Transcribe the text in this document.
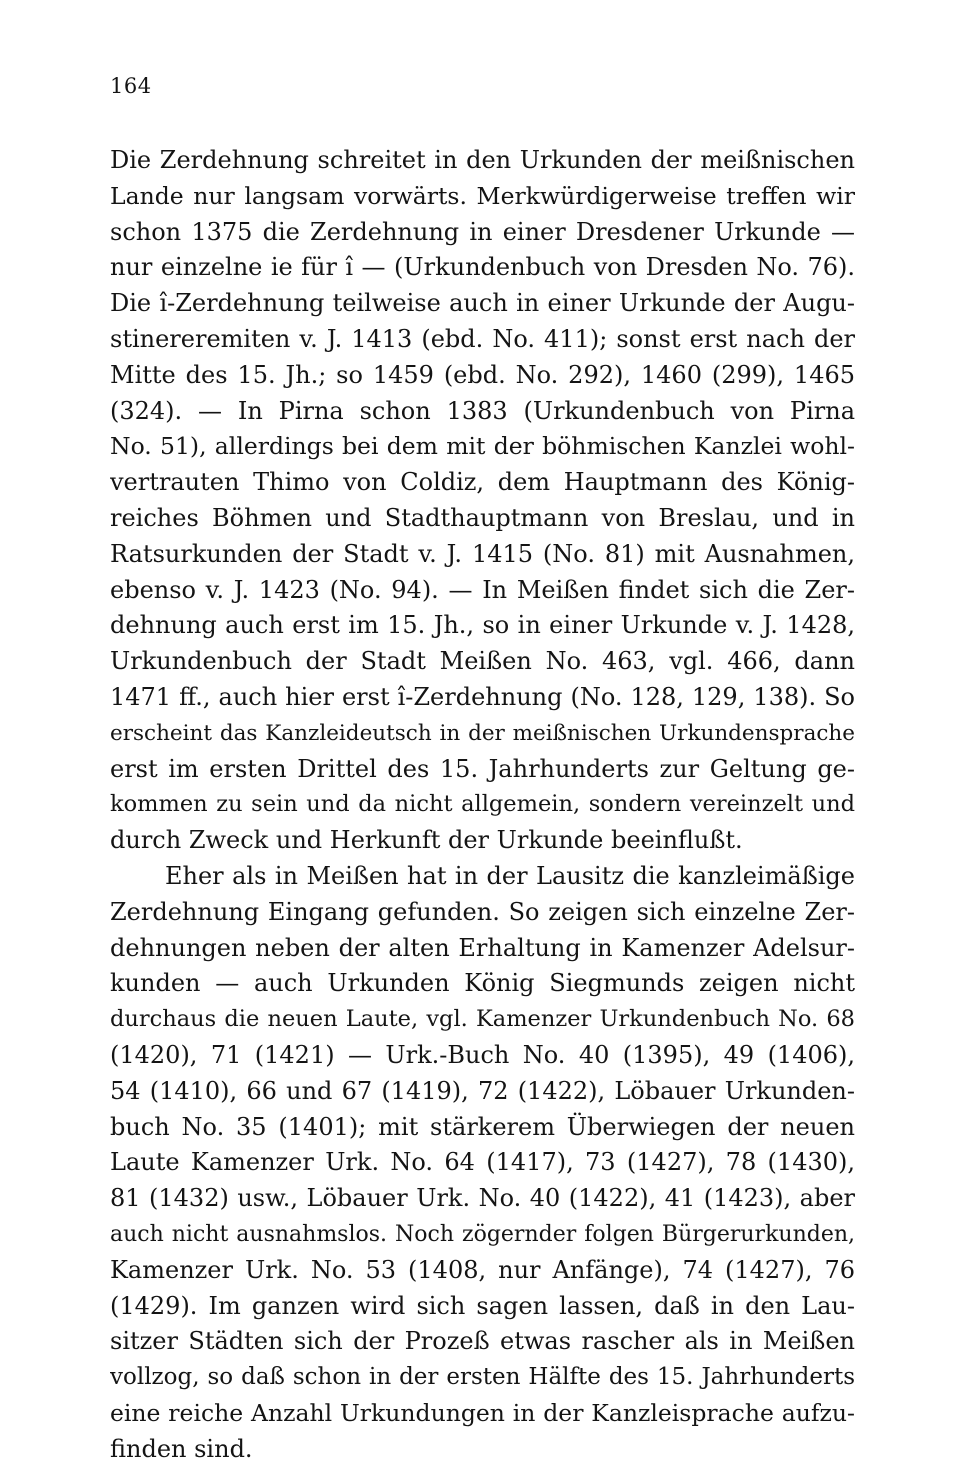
164
Die Zerdehnung schreitet in den Urkunden der meißnischen
Lande nur langsam vorwärts. Merkwürdigerweise treffen wir
schon 1375 die Zerdehnung in einer Dresdener Urkunde —
nur einzelne ie für î — (Urkundenbuch von Dresden No. 76).
Die î-Zerdehnung teilweise auch in einer Urkunde der Augu-
stinereremiten v. J. 1413 (ebd. No. 411); sonst erst nach der
Mitte des 15. Jh.; so 1459 (ebd. No. 292), 1460 (299), 1465
(324). — In Pirna schon 1383 (Urkundenbuch von Pirna
No. 51), allerdings bei dem mit der böhmischen Kanzlei wohl-
vertrauten Thimo von Coldiz, dem Hauptmann des König-
reiches Böhmen und Stadthauptmann von Breslau, und in
Ratsurkunden der Stadt v. J. 1415 (No. 81) mit Ausnahmen,
ebenso v. J. 1423 (No. 94). — In Meißen findet sich die Zer-
dehnung auch erst im 15. Jh., so in einer Urkunde v. J. 1428,
Urkundenbuch der Stadt Meißen No. 463, vgl. 466, dann
1471 ff., auch hier erst î-Zerdehnung (No. 128, 129, 138). So
erscheint das Kanzleideutsch in der meißnischen Urkundensprache
erst im ersten Drittel des 15. Jahrhunderts zur Geltung ge-
kommen zu sein und da nicht allgemein, sondern vereinzelt und
durch Zweck und Herkunft der Urkunde beeinflußt.
Eher als in Meißen hat in der Lausitz die kanzleimäßige
Zerdehnung Eingang gefunden. So zeigen sich einzelne Zer-
dehnungen neben der alten Erhaltung in Kamenzer Adelsur-
kunden — auch Urkunden König Siegmunds zeigen nicht
durchaus die neuen Laute, vgl. Kamenzer Urkundenbuch No. 68
(1420), 71 (1421) — Urk.-Buch No. 40 (1395), 49 (1406),
54 (1410), 66 und 67 (1419), 72 (1422), Löbauer Urkunden-
buch No. 35 (1401); mit stärkerem Überwiegen der neuen
Laute Kamenzer Urk. No. 64 (1417), 73 (1427), 78 (1430),
81 (1432) usw., Löbauer Urk. No. 40 (1422), 41 (1423), aber
auch nicht ausnahmslos. Noch zögernder folgen Bürgerurkunden,
Kamenzer Urk. No. 53 (1408, nur Anfänge), 74 (1427), 76
(1429). Im ganzen wird sich sagen lassen, daß in den Lau-
sitzer Städten sich der Prozeß etwas rascher als in Meißen
vollzog, so daß schon in der ersten Hälfte des 15. Jahrhunderts
eine reiche Anzahl Urkundungen in der Kanzleisprache aufzu-
finden sind.
